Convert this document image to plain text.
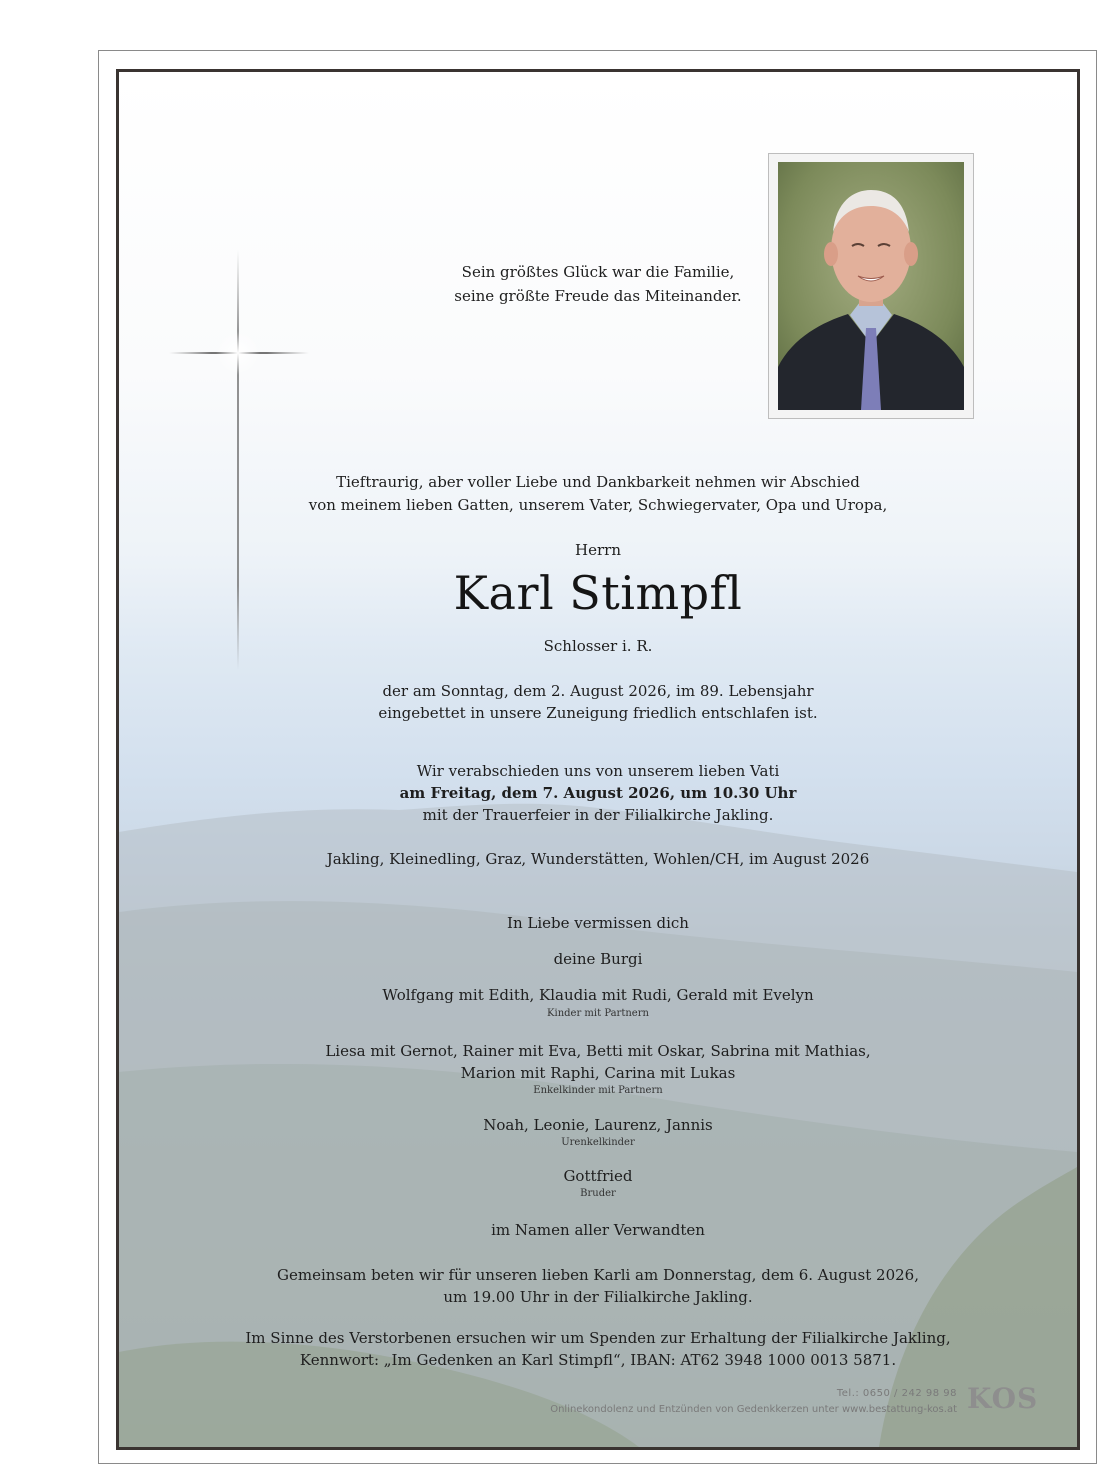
Sein größtes Glück war die Familie,

seine größte Freude das Miteinander.

Tieftraurig, aber voller Liebe und Dankbarkeit nehmen wir Abschied

von meinem lieben Gatten, unserem Vater, Schwiegervater, Opa und Uropa,

Herrn

Karl Stimpfl

Schlosser i. R.

der am Sonntag, dem 2. August 2026, im 89. Lebensjahr

eingebettet in unsere Zuneigung friedlich entschlafen ist.

Wir verabschieden uns von unserem lieben Vati

am Freitag, dem 7. August 2026, um 10.30 Uhr

mit der Trauerfeier in der Filialkirche Jakling.

Jakling, Kleinedling, Graz, Wunderstätten, Wohlen/CH, im August 2026

In Liebe vermissen dich

deine Burgi

Wolfgang mit Edith, Klaudia mit Rudi, Gerald mit Evelyn

Kinder mit Partnern

Liesa mit Gernot, Rainer mit Eva, Betti mit Oskar, Sabrina mit Mathias,

Marion mit Raphi, Carina mit Lukas

Enkelkinder mit Partnern

Noah, Leonie, Laurenz, Jannis

Urenkelkinder

Gottfried

Bruder

im Namen aller Verwandten

Gemeinsam beten wir für unseren lieben Karli am Donnerstag, dem 6. August 2026,

um 19.00 Uhr in der Filialkirche Jakling.

Im Sinne des Verstorbenen ersuchen wir um Spenden zur Erhaltung der Filialkirche Jakling,

Kennwort: „Im Gedenken an Karl Stimpfl“, IBAN: AT62 3948 1000 0013 5871.

Tel.: 0650 / 242 98 98
Onlinekondolenz und Entzünden von Gedenkkerzen unter www.bestattung-kos.at KOS
